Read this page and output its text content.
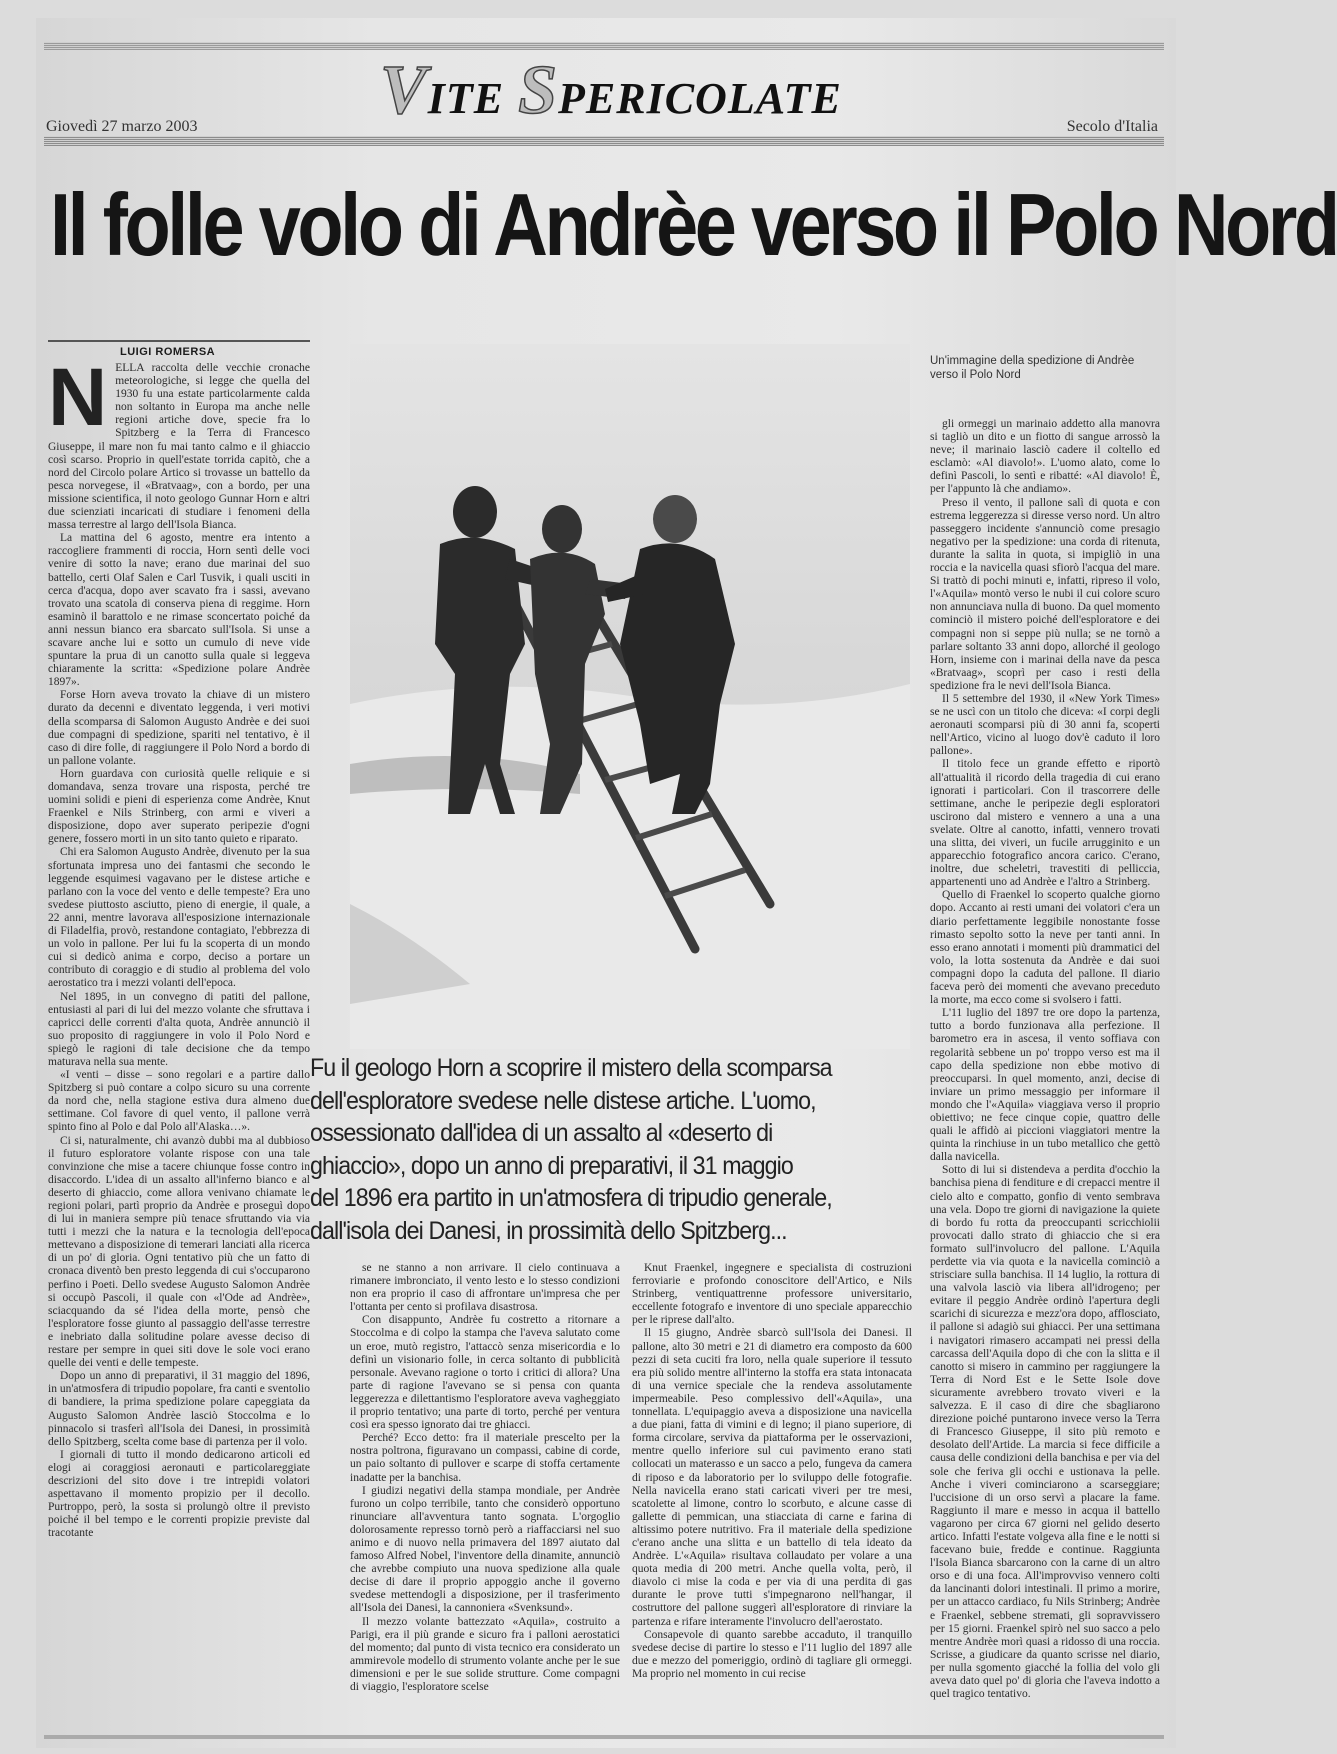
VITE SPERICOLATE
Giovedì 27 marzo 2003	Secolo d'Italia
Il folle volo di Andrèe verso il Polo Nord
LUIGI ROMERSA
N ELLA raccolta delle vecchie cronache meteorologiche, si legge che quella del 1930 fu una estate particolarmente calda non soltanto in Europa ma anche nelle regioni artiche dove, specie fra lo Spitzberg e la Terra di Francesco Giuseppe, il mare non fu mai tanto calmo e il ghiaccio così scarso. Proprio in quell'estate torrida capitò, che a nord del Circolo polare Artico si trovasse un battello da pesca norvegese, il «Bratvaag», con a bordo, per una missione scientifica, il noto geologo Gunnar Horn e altri due scienziati incaricati di studiare i fenomeni della massa terrestre al largo dell'Isola Bianca.

La mattina del 6 agosto, mentre era intento a raccogliere frammenti di roccia, Horn sentì delle voci venire di sotto la nave; erano due marinai del suo battello, certi Olaf Salen e Carl Tusvik, i quali usciti in cerca d'acqua, dopo aver scavato fra i sassi, avevano trovato una scatola di conserva piena di reggime. Horn esaminò il barattolo e ne rimase sconcertato poiché da anni nessun bianco era sbarcato sull'Isola. Si unse a scavare anche lui e sotto un cumulo di neve vide spuntare la prua di un canotto sulla quale si leggeva chiaramente la scritta: «Spedizione polare Andrèe 1897».

Forse Horn aveva trovato la chiave di un mistero durato da decenni e diventato leggenda, i veri motivi della scomparsa di Salomon Augusto Andrèe e dei suoi due compagni di spedizione, spariti nel tentativo, è il caso di dire folle, di raggiungere il Polo Nord a bordo di un pallone volante.

Horn guardava con curiosità quelle reliquie e si domandava, senza trovare una risposta, perché tre uomini solidi e pieni di esperienza come Andrèe, Knut Fraenkel e Nils Strinberg, con armi e viveri a disposizione, dopo aver superato peripezie d'ogni genere, fossero morti in un sito tanto quieto e riparato.

Chi era Salomon Augusto Andrèe, divenuto per la sua sfortunata impresa uno dei fantasmi che secondo le leggende esquimesi vagavano per le distese artiche e parlano con la voce del vento e delle tempeste? Era uno svedese piuttosto asciutto, pieno di energie, il quale, a 22 anni, mentre lavorava all'esposizione internazionale di Filadelfia, provò, restandone contagiato, l'ebbrezza di un volo in pallone. Per lui fu la scoperta di un mondo cui si dedicò anima e corpo, deciso a portare un contributo di coraggio e di studio al problema del volo aerostatico tra i mezzi volanti dell'epoca.

Nel 1895, in un convegno di patiti del pallone, entusiasti al pari di lui del mezzo volante che sfruttava i capricci delle correnti d'alta quota, Andrèe annunciò il suo proposito di raggiungere in volo il Polo Nord e spiegò le ragioni di tale decisione che da tempo maturava nella sua mente.

«I venti – disse – sono regolari e a partire dallo Spitzberg si può contare a colpo sicuro su una corrente da nord che, nella stagione estiva dura almeno due settimane. Col favore di quel vento, il pallone verrà spinto fino al Polo e dal Polo all'Alaska…».

Ci si, naturalmente, chi avanzò dubbi ma al dubbioso il futuro esploratore volante rispose con una tale convinzione che mise a tacere chiunque fosse contro in disaccordo. L'idea di un assalto all'inferno bianco e al deserto di ghiaccio, come allora venivano chiamate le regioni polari, partì proprio da Andrèe e proseguì dopo di lui in maniera sempre più tenace sfruttando via via tutti i mezzi che la natura e la tecnologia dell'epoca mettevano a disposizione di temerari lanciati alla ricerca di un po' di gloria. Ogni tentativo più che un fatto di cronaca diventò ben presto leggenda di cui s'occuparono perfino i Poeti. Dello svedese Augusto Salomon Andrèe si occupò Pascoli, il quale con «l'Ode ad Andrèe», sciacquando da sé l'idea della morte, pensò che l'esploratore fosse giunto al passaggio dell'asse terrestre e inebriato dalla solitudine polare avesse deciso di restare per sempre in quei siti dove le sole voci erano quelle dei venti e delle tempeste.

Dopo un anno di preparativi, il 31 maggio del 1896, in un'atmosfera di tripudio popolare, fra canti e sventolio di bandiere, la prima spedizione polare capeggiata da Augusto Salomon Andrèe lasciò Stoccolma e lo pinnacolo si trasferì all'Isola dei Danesi, in prossimità dello Spitzberg, scelta come base di partenza per il volo.

I giornali di tutto il mondo dedicarono articoli ed elogi ai coraggiosi aeronauti e particolareggiate descrizioni del sito dove i tre intrepidi volatori aspettavano il momento propizio per il decollo. Purtroppo, però, la sosta si prolungò oltre il previsto poiché il bel tempo e le correnti propizie previste dal tracotante

Un'immagine della spedizione di Andrèe verso il Polo Nord

gli ormeggi un marinaio addetto alla manovra si tagliò un dito e un fiotto di sangue arrossò la neve; il marinaio lasciò cadere il coltello ed esclamò: «Al diavolo!». L'uomo alato, come lo definì Pascoli, lo sentì e ribatté: «Al diavolo! È, per l'appunto là che andiamo».

Preso il vento, il pallone salì di quota e con estrema leggerezza si diresse verso nord. Un altro passeggero incidente s'annunciò come presagio negativo per la spedizione: una corda di ritenuta, durante la salita in quota, si impigliò in una roccia e la navicella quasi sfiorò l'acqua del mare. Si trattò di pochi minuti e, infatti, ripreso il volo, l'«Aquila» montò verso le nubi il cui colore scuro non annunciava nulla di buono. Da quel momento cominciò il mistero poiché dell'esploratore e dei compagni non si seppe più nulla; se ne tornò a parlare soltanto 33 anni dopo, allorché il geologo Horn, insieme con i marinai della nave da pesca «Bratvaag», scoprì per caso i resti della spedizione fra le nevi dell'Isola Bianca.

Il 5 settembre del 1930, il «New York Times» se ne uscì con un titolo che diceva: «I corpi degli aeronauti scomparsi più di 30 anni fa, scoperti nell'Artico, vicino al luogo dov'è caduto il loro pallone».

Il titolo fece un grande effetto e riportò all'attualità il ricordo della tragedia di cui erano ignorati i particolari. Con il trascorrere delle settimane, anche le peripezie degli esploratori uscirono dal mistero e vennero a una a una svelate. Oltre al canotto, infatti, vennero trovati una slitta, dei viveri, un fucile arrugginito e un apparecchio fotografico ancora carico. C'erano, inoltre, due scheletri, travestiti di pelliccia, appartenenti uno ad Andrèe e l'altro a Strinberg.

Quello di Fraenkel lo scoperto qualche giorno dopo. Accanto ai resti umani dei volatori c'era un diario perfettamente leggibile nonostante fosse rimasto sepolto sotto la neve per tanti anni. In esso erano annotati i momenti più drammatici del volo, la lotta sostenuta da Andrèe e dai suoi compagni dopo la caduta del pallone. Il diario faceva però dei momenti che avevano preceduto la morte, ma ecco come si svolsero i fatti.

L'11 luglio del 1897 tre ore dopo la partenza, tutto a bordo funzionava alla perfezione. Il barometro era in ascesa, il vento soffiava con regolarità sebbene un po' troppo verso est ma il capo della spedizione non ebbe motivo di preoccuparsi. In quel momento, anzi, decise di inviare un primo messaggio per informare il mondo che l'«Aquila» viaggiava verso il proprio obiettivo; ne fece cinque copie, quattro delle quali le affidò ai piccioni viaggiatori mentre la quinta la rinchiuse in un tubo metallico che gettò dalla navicella.

Sotto di lui si distendeva a perdita d'occhio la banchisa piena di fenditure e di crepacci mentre il cielo alto e compatto, gonfio di vento sembrava una vela. Dopo tre giorni di navigazione la quiete di bordo fu rotta da preoccupanti scricchiolii provocati dallo strato di ghiaccio che si era formato sull'involucro del pallone. L'Aquila perdette via via quota e la navicella cominciò a strisciare sulla banchisa. Il 14 luglio, la rottura di una valvola lasciò via libera all'idrogeno; per evitare il peggio Andrèe ordinò l'apertura degli scarichi di sicurezza e mezz'ora dopo, afflosciato, il pallone si adagiò sui ghiacci. Per una settimana i navigatori rimasero accampati nei pressi della carcassa dell'Aquila dopo di che con la slitta e il canotto si misero in cammino per raggiungere la Terra di Nord Est e le Sette Isole dove sicuramente avrebbero trovato viveri e la salvezza. E il caso di dire che sbagliarono direzione poiché puntarono invece verso la Terra di Francesco Giuseppe, il sito più remoto e desolato dell'Artide. La marcia si fece difficile a causa delle condizioni della banchisa e per via del sole che feriva gli occhi e ustionava la pelle. Anche i viveri cominciarono a scarseggiare; l'uccisione di un orso servì a placare la fame. Raggiunto il mare e messo in acqua il battello vagarono per circa 67 giorni nel gelido deserto artico. Infatti l'estate volgeva alla fine e le notti si facevano buie, fredde e continue. Raggiunta l'Isola Bianca sbarcarono con la carne di un altro orso e di una foca. All'improvviso vennero colti da lancinanti dolori intestinali. Il primo a morire, per un attacco cardiaco, fu Nils Strinberg; Andrèe e Fraenkel, sebbene stremati, gli sopravvissero per 15 giorni. Fraenkel spirò nel suo sacco a pelo mentre Andrèe morì quasi a ridosso di una roccia. Scrisse, a giudicare da quanto scrisse nel diario, per nulla sgomento giacché la follia del volo gli aveva dato quel po' di gloria che l'aveva indotto a quel tragico tentativo.

Fu il geologo Horn a scoprire il mistero della scomparsa

dell'esploratore svedese nelle distese artiche. L'uomo,

ossessionato dall'idea di un assalto al «deserto di

ghiaccio», dopo un anno di preparativi, il 31 maggio

del 1896 era partito in un'atmosfera di tripudio generale,

dall'isola dei Danesi, in prossimità dello Spitzberg...

se ne stanno a non arrivare. Il cielo continuava a rimanere imbronciato, il vento lesto e lo stesso condizioni non era proprio il caso di affrontare un'impresa che per l'ottanta per cento si profilava disastrosa.

Con disappunto, Andrèe fu costretto a ritornare a Stoccolma e di colpo la stampa che l'aveva salutato come un eroe, mutò registro, l'attaccò senza misericordia e lo definì un visionario folle, in cerca soltanto di pubblicità personale. Avevano ragione o torto i critici di allora? Una parte di ragione l'avevano se si pensa con quanta leggerezza e dilettantismo l'esploratore aveva vagheggiato il proprio tentativo; una parte di torto, perché per ventura così era spesso ignorato dai tre ghiacci.

Perché? Ecco detto: fra il materiale prescelto per la nostra poltrona, figuravano un compassi, cabine di corde, un paio soltanto di pullover e scarpe di stoffa certamente inadatte per la banchisa.

I giudizi negativi della stampa mondiale, per Andrèe furono un colpo terribile, tanto che considerò opportuno rinunciare all'avventura tanto sognata. L'orgoglio dolorosamente represso tornò però a riaffacciarsi nel suo animo e di nuovo nella primavera del 1897 aiutato dal famoso Alfred Nobel, l'inventore della dinamite, annunciò che avrebbe compiuto una nuova spedizione alla quale decise di dare il proprio appoggio anche il governo svedese mettendogli a disposizione, per il trasferimento all'Isola dei Danesi, la cannoniera «Svenksund».

Il mezzo volante battezzato «Aquila», costruito a Parigi, era il più grande e sicuro fra i palloni aerostatici del momento; dal punto di vista tecnico era considerato un ammirevole modello di strumento volante anche per le sue dimensioni e per le sue solide strutture. Come compagni di viaggio, l'esploratore scelse

Knut Fraenkel, ingegnere e specialista di costruzioni ferroviarie e profondo conoscitore dell'Artico, e Nils Strinberg, ventiquattrenne professore universitario, eccellente fotografo e inventore di uno speciale apparecchio per le riprese dall'alto.

Il 15 giugno, Andrèe sbarcò sull'Isola dei Danesi. Il pallone, alto 30 metri e 21 di diametro era composto da 600 pezzi di seta cuciti fra loro, nella quale superiore il tessuto era più solido mentre all'interno la stoffa era stata intonacata di una vernice speciale che la rendeva assolutamente impermeabile. Peso complessivo dell'«Aquila», una tonnellata. L'equipaggio aveva a disposizione una navicella a due piani, fatta di vimini e di legno; il piano superiore, di forma circolare, serviva da piattaforma per le osservazioni, mentre quello inferiore sul cui pavimento erano stati collocati un materasso e un sacco a pelo, fungeva da camera di riposo e da laboratorio per lo sviluppo delle fotografie. Nella navicella erano stati caricati viveri per tre mesi, scatolette al limone, contro lo scorbuto, e alcune casse di gallette di pemmican, una stiacciata di carne e farina di altissimo potere nutritivo. Fra il materiale della spedizione c'erano anche una slitta e un battello di tela ideato da Andrèe. L'«Aquila» risultava collaudato per volare a una quota media di 200 metri. Anche quella volta, però, il diavolo ci mise la coda e per via di una perdita di gas durante le prove tutti s'impegnarono nell'hangar, il costruttore del pallone suggerì all'esploratore di rinviare la partenza e rifare interamente l'involucro dell'aerostato.

Consapevole di quanto sarebbe accaduto, il tranquillo svedese decise di partire lo stesso e l'11 luglio del 1897 alle due e mezzo del pomeriggio, ordinò di tagliare gli ormeggi. Ma proprio nel momento in cui recise
